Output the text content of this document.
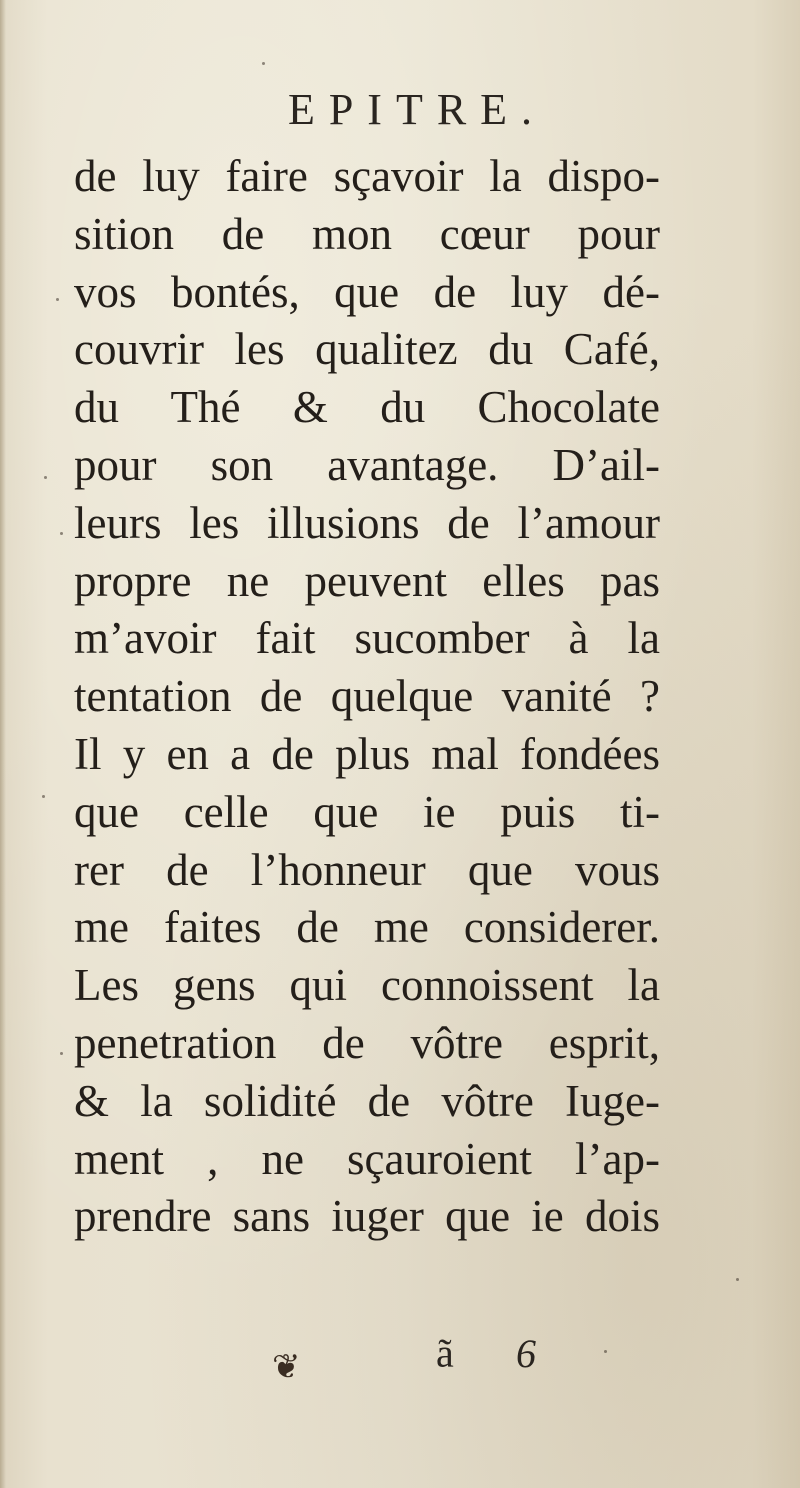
EPITRE.
de luy faire sçavoir la dispo-
sition de mon cœur pour
vos bontés, que de luy dé-
couvrir les qualitez du Café,
du Thé & du Chocolate
pour son avantage. D’ail-
leurs les illusions de l’amour
propre ne peuvent elles pas
m’avoir fait sucomber à la
tentation de quelque vanité ?
Il y en a de plus mal fondées
que celle que ie puis ti-
rer de l’honneur que vous
me faites de me considerer.
Les gens qui connoissent la
penetration de vôtre esprit,
& la solidité de vôtre Iuge-
ment , ne sçauroient l’ap-
prendre sans iuger que ie dois
❦	ã 6
